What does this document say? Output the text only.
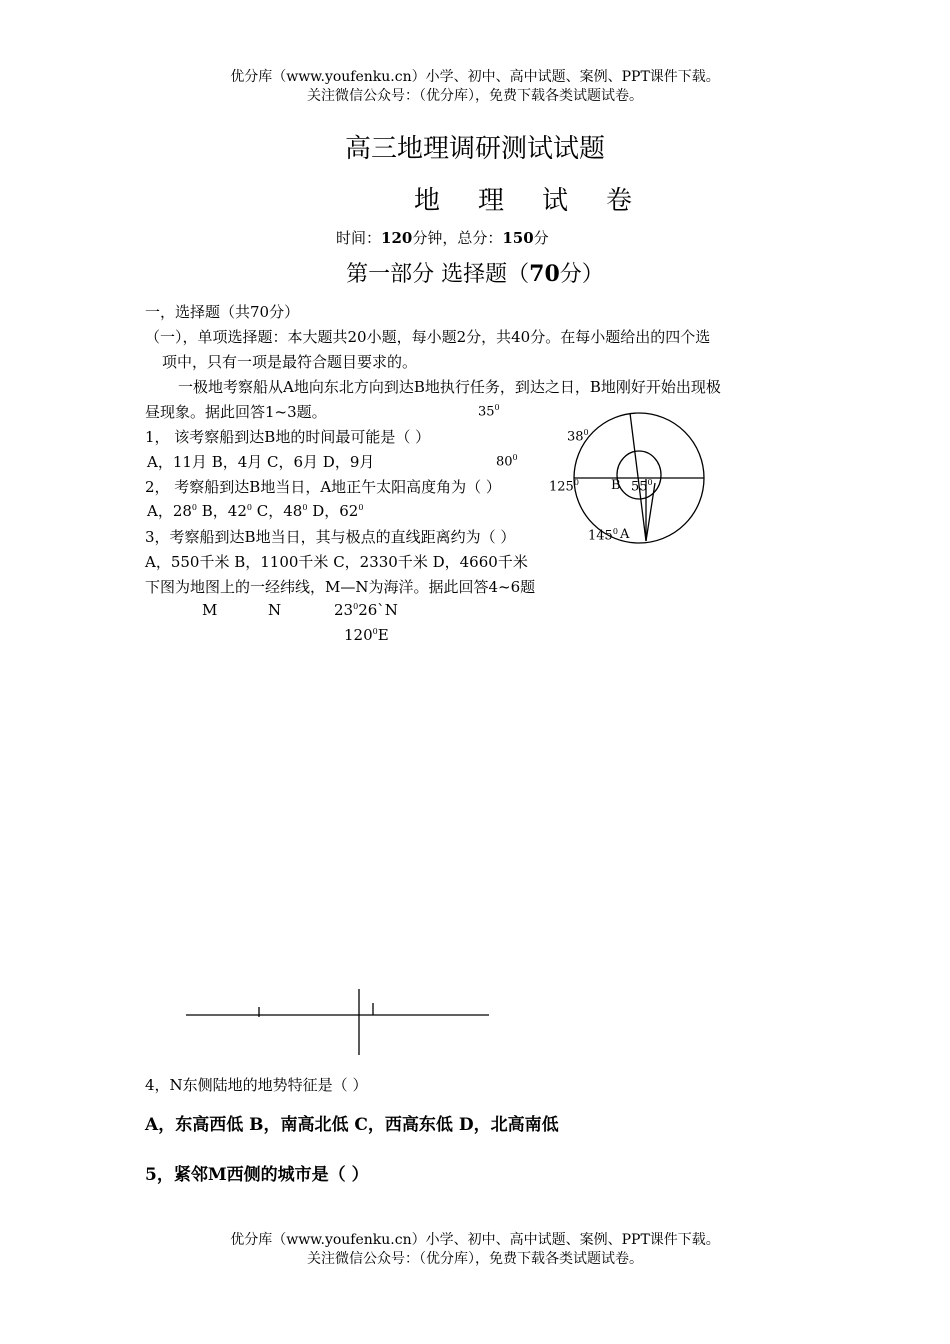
优分库（www.youfenku.cn）小学、初中、高中试题、案例、PPT课件下载。
关注微信公众号：（优分库），免费下载各类试题试卷。
高三地理调研测试试题
地 理 试 卷
时间：120分钟，总分：150分
第一部分 选择题（70分）
一，选择题（共70分）
（一），单项选择题：本大题共20小题，每小题2分，共40分。在每小题给出的四个选
项中，只有一项是最符合题目要求的。
一极地考察船从A地向东北方向到达B地执行任务，到达之日，B地刚好开始出现极
昼现象。据此回答1~3题。
1， 该考察船到达B地的时间最可能是（ ）
A，11月 B，4月 C，6月 D，9月
2， 考察船到达B地当日，A地正午太阳高度角为（ ）
A，$28^0$ B，$42^0$ C，$48^0$ D，$62^0$
3，考察船到达B地当日，其与极点的直线距离约为（ ）
A，550千米 B，1100千米 C，2330千米 D，4660千米
$35^0$
$38^0$
$80^0$
$125^0$ B $55^0$
$145^0$ A
下图为地图上的一经纬线，M—N为海洋。据此回答4~6题
M	N	$23^026`N$
$120^0E$
4，N东侧陆地的地势特征是（ ）
A，东高西低 B，南高北低 C，西高东低 D，北高南低
5，紧邻M西侧的城市是（ ）
优分库（www.youfenku.cn）小学、初中、高中试题、案例、PPT课件下载。
关注微信公众号：（优分库），免费下载各类试题试卷。
